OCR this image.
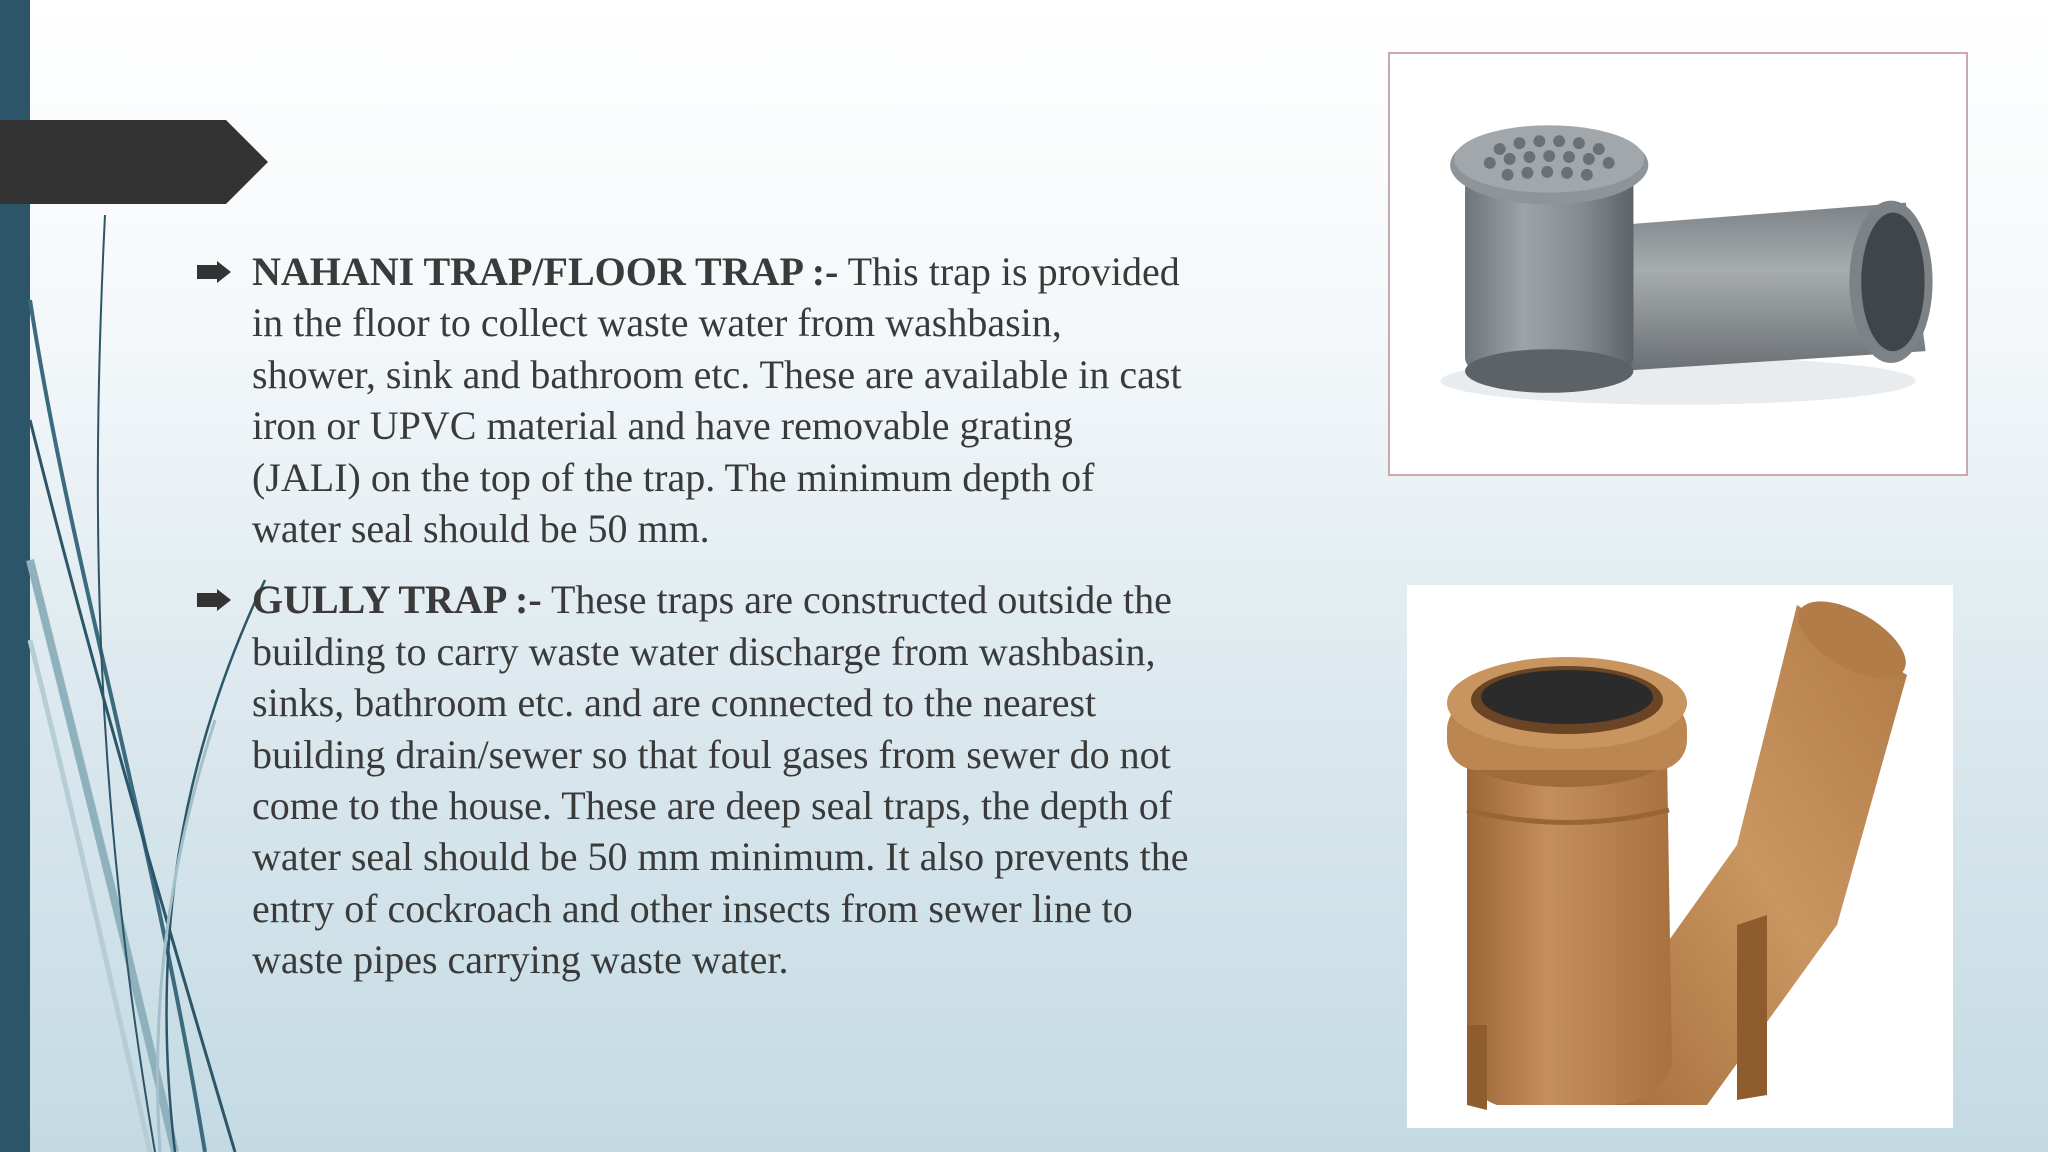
NAHANI TRAP/FLOOR TRAP :- This trap is provided in the floor to collect waste water from washbasin, shower, sink and bathroom etc. These are available in cast iron or UPVC material and have removable grating (JALI) on the top of the trap. The minimum depth of water seal should be 50 mm.
GULLY TRAP :- These traps are constructed outside the building to carry waste water discharge from washbasin, sinks, bathroom etc. and are connected to the nearest building drain/sewer so that foul gases from sewer do not come to the house. These are deep seal traps, the depth of water seal should be 50 mm minimum. It also prevents the entry of cockroach and other insects from sewer line to waste pipes carrying waste water.
